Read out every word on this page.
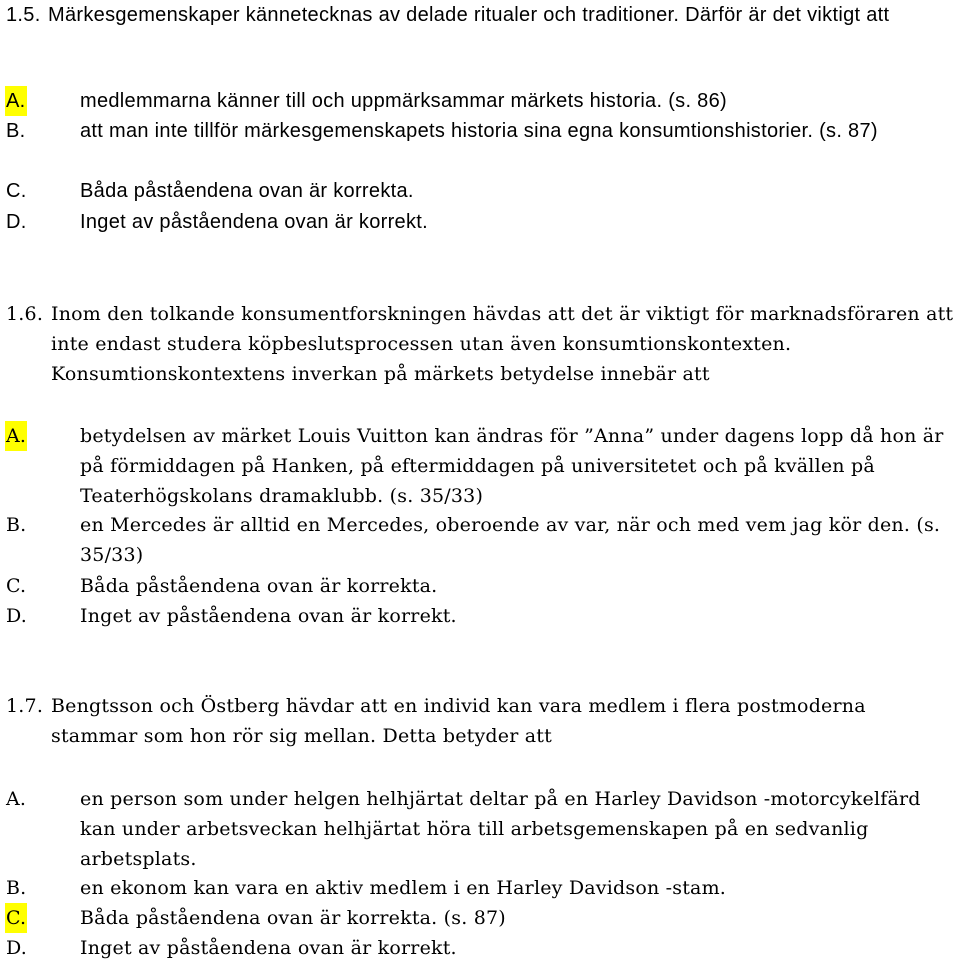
1.5. Märkesgemenskaper kännetecknas av delade ritualer och traditioner. Därför är det viktigt att
A.	medlemmarna känner till och uppmärksammar märkets historia. (s. 86)
B.	att man inte tillför märkesgemenskapets historia sina egna konsumtionshistorier. (s. 87)
C.	Båda påståendena ovan är korrekta.
D.	Inget av påståendena ovan är korrekt.
1.6. Inom den tolkande konsumentforskningen hävdas att det är viktigt för marknadsföraren att inte endast studera köpbeslutsprocessen utan även konsumtionskontexten. Konsumtionskontextens inverkan på märkets betydelse innebär att
A.	betydelsen av märket Louis Vuitton kan ändras för ”Anna” under dagens lopp då hon är på förmiddagen på Hanken, på eftermiddagen på universitetet och på kvällen på Teaterhögskolans dramaklubb. (s. 35/33)
B.	en Mercedes är alltid en Mercedes, oberoende av var, när och med vem jag kör den. (s. 35/33)
C.	Båda påståendena ovan är korrekta.
D.	Inget av påståendena ovan är korrekt.
1.7. Bengtsson och Östberg hävdar att en individ kan vara medlem i flera postmoderna stammar som hon rör sig mellan. Detta betyder att
A.	en person som under helgen helhjärtat deltar på en Harley Davidson -motorcykelfärd kan under arbetsveckan helhjärtat höra till arbetsgemenskapen på en sedvanlig arbetsplats.
B.	en ekonom kan vara en aktiv medlem i en Harley Davidson -stam.
C.	Båda påståendena ovan är korrekta. (s. 87)
D.	Inget av påståendena ovan är korrekt.
